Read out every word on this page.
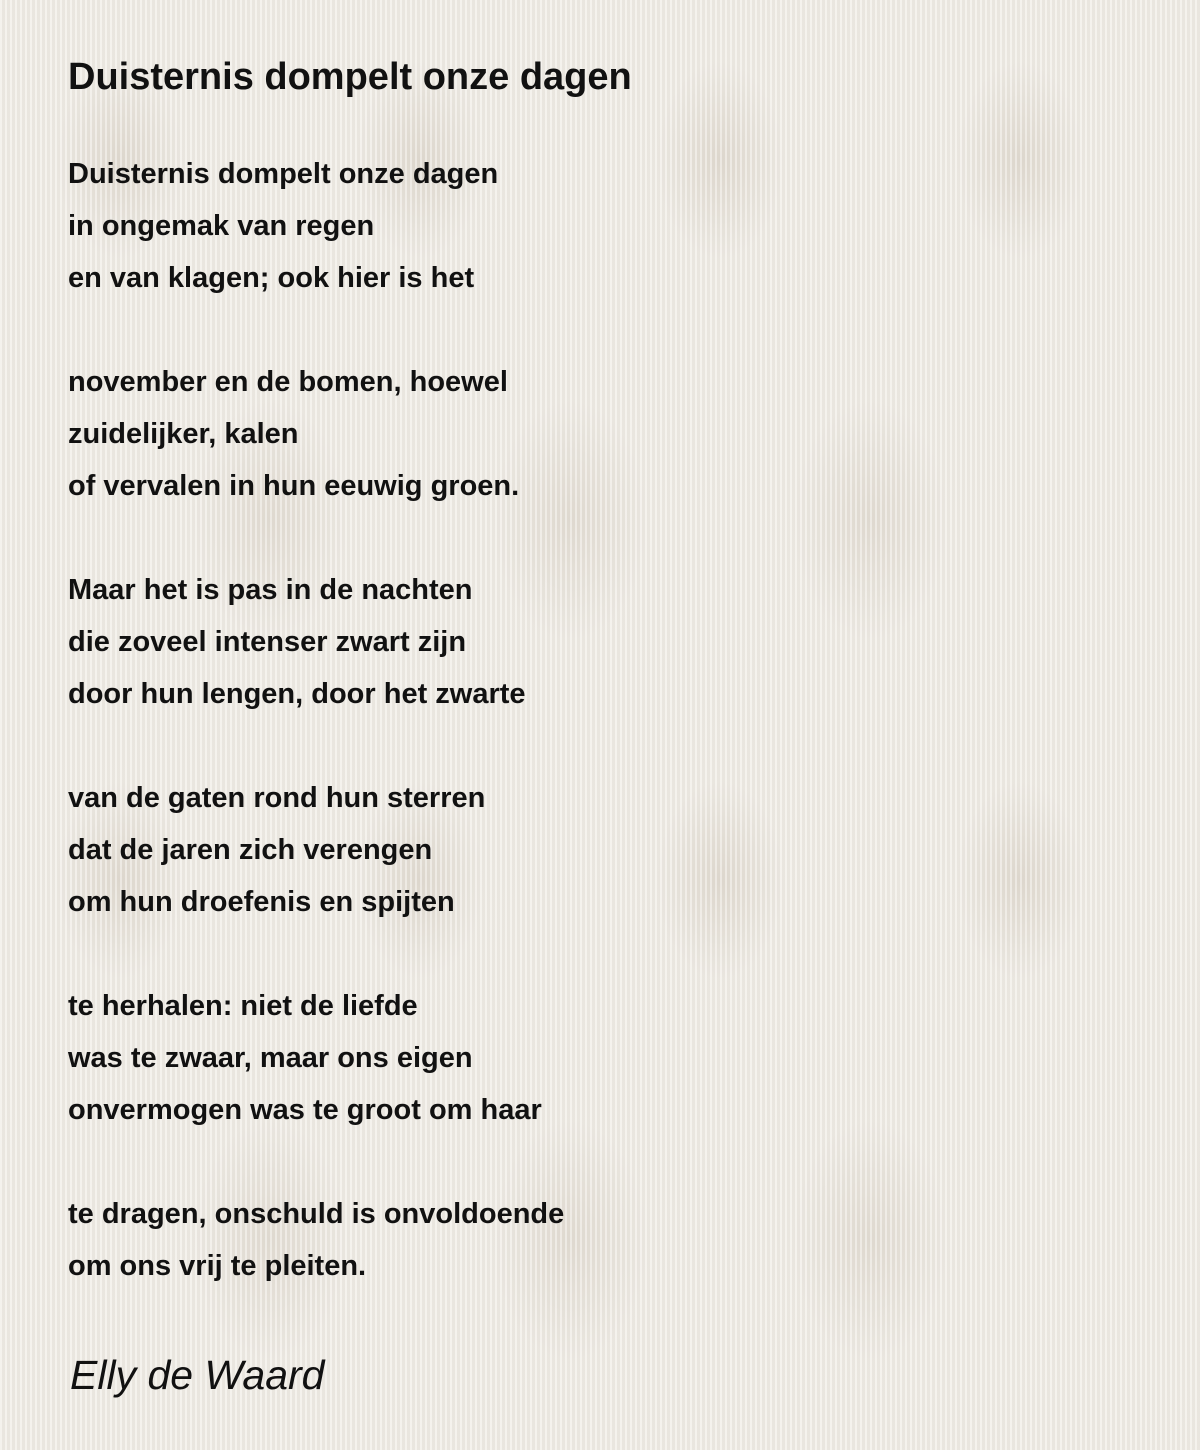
Duisternis dompelt onze dagen
Duisternis dompelt onze dagen
in ongemak van regen
en van klagen; ook hier is het
november en de bomen, hoewel
zuidelijker, kalen
of vervalen in hun eeuwig groen.
Maar het is pas in de nachten
die zoveel intenser zwart zijn
door hun lengen, door het zwarte
van de gaten rond hun sterren
dat de jaren zich verengen
om hun droefenis en spijten
te herhalen: niet de liefde
was te zwaar, maar ons eigen
onvermogen was te groot om haar
te dragen, onschuld is onvoldoende
om ons vrij te pleiten.
Elly de Waard
